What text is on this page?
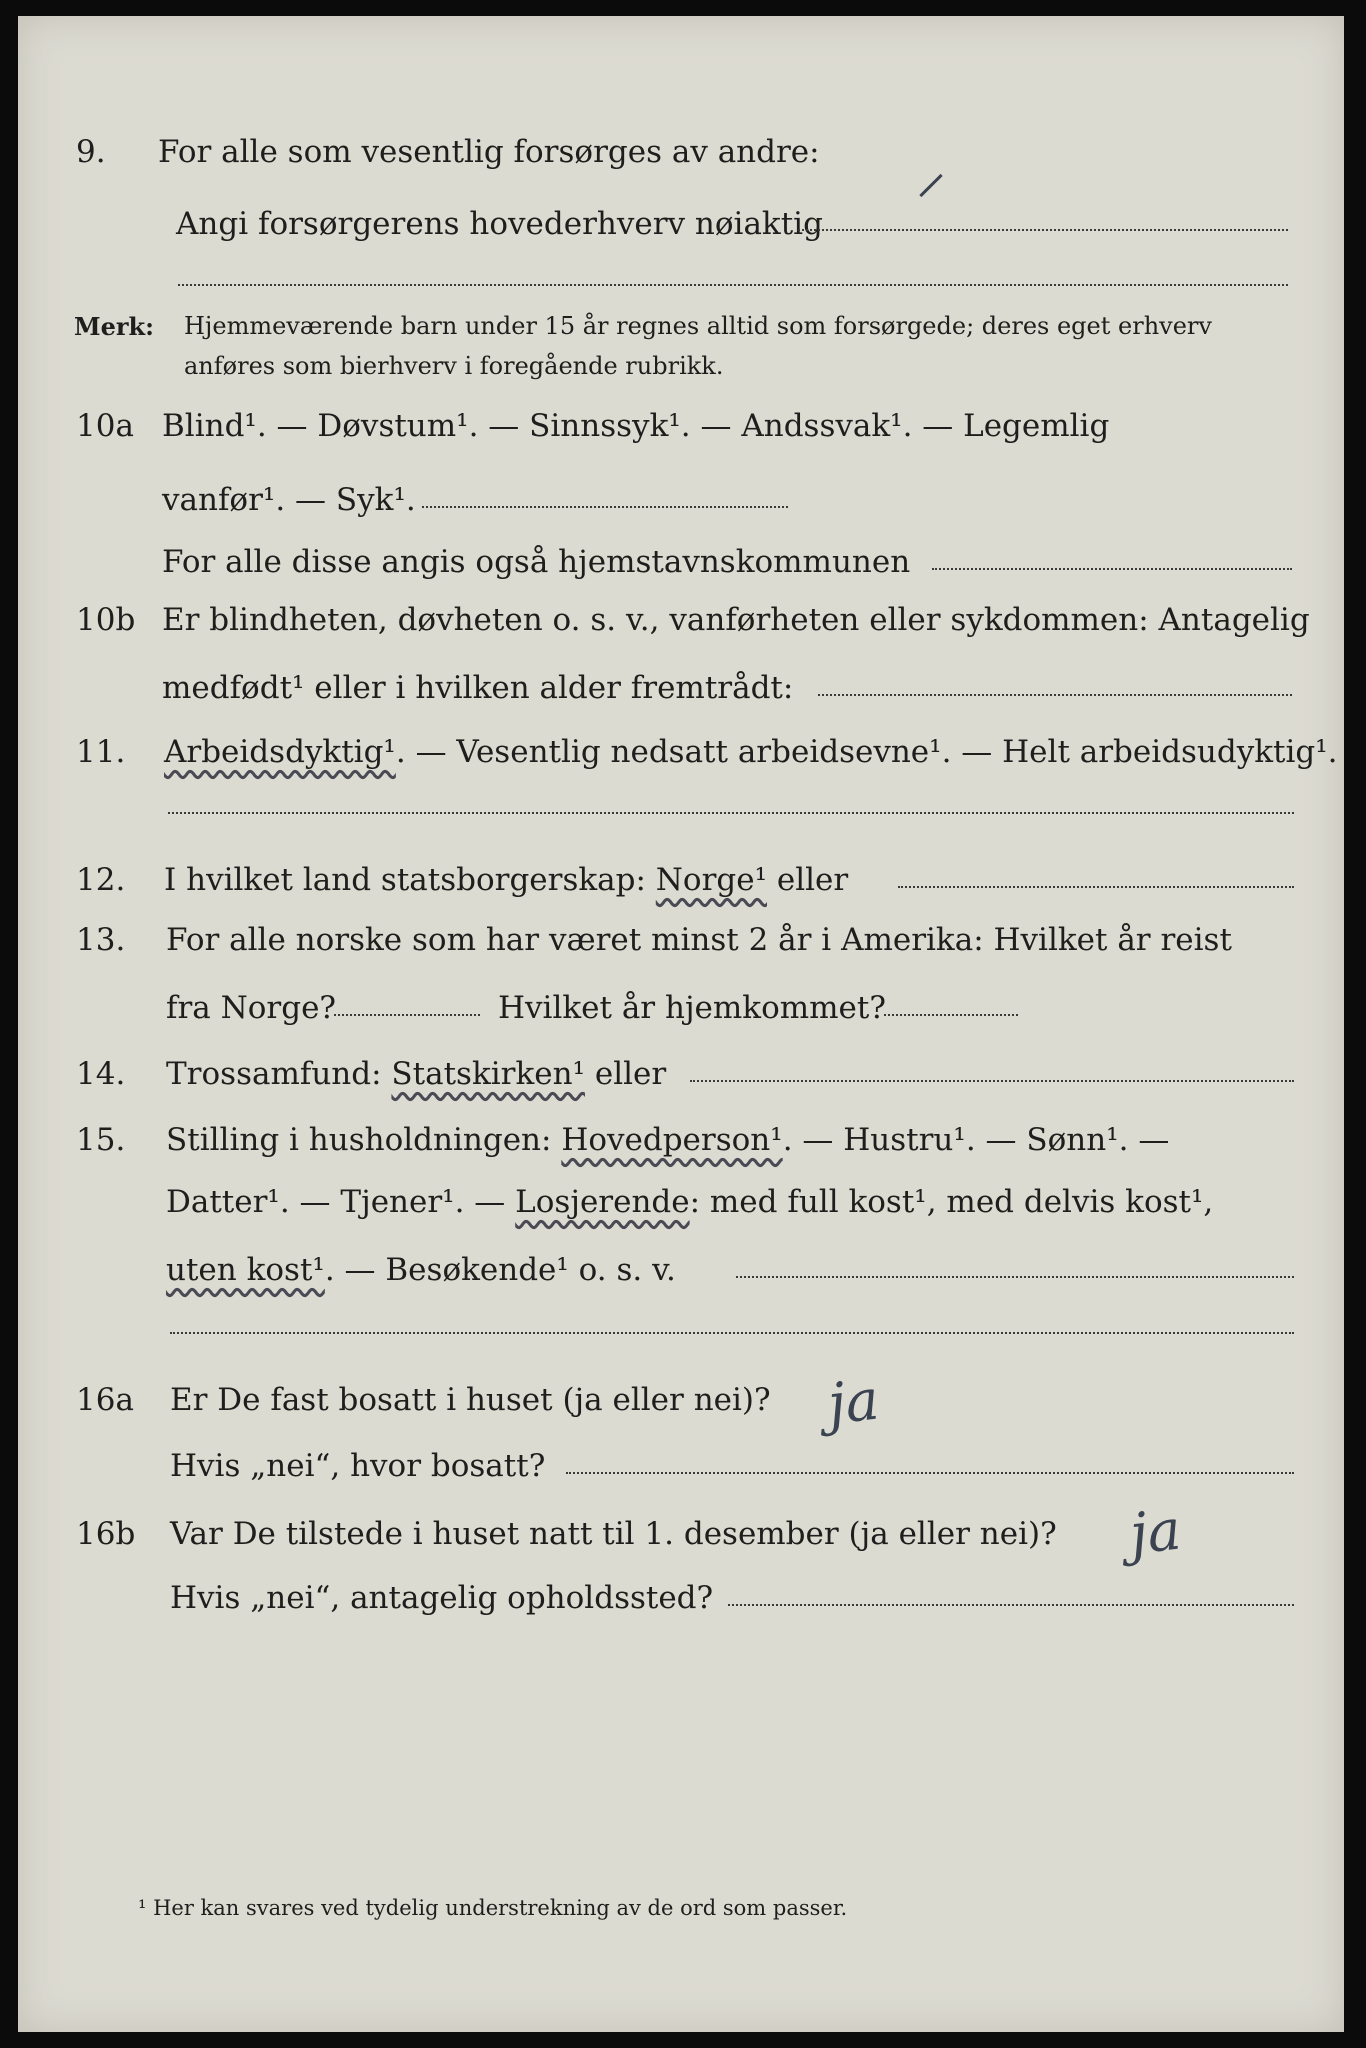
9. For alle som vesentlig forsørges av andre:
Angi forsørgerens hovederhverv nøiaktig
Merk: Hjemmeværende barn under 15 år regnes alltid som forsørgede; deres eget erhverv
anføres som bierhverv i foregående rubrikk.
10a Blind¹. — Døvstum¹. — Sinnssyk¹. — Andssvak¹. — Legemlig
vanfør¹. — Syk¹.
For alle disse angis også hjemstavnskommunen
10b Er blindheten, døvheten o. s. v., vanførheten eller sykdommen: Antagelig
medfødt¹ eller i hvilken alder fremtrådt:
11. Arbeidsdyktig¹. — Vesentlig nedsatt arbeidsevne¹. — Helt arbeidsudyktig¹.
12. I hvilket land statsborgerskap: Norge¹ eller
13. For alle norske som har været minst 2 år i Amerika: Hvilket år reist
fra Norge?	Hvilket år hjemkommet?
14. Trossamfund: Statskirken¹ eller
15. Stilling i husholdningen: Hovedperson¹. — Hustru¹. — Sønn¹. —
Datter¹. — Tjener¹. — Losjerende: med full kost¹, med delvis kost¹,
uten kost¹. — Besøkende¹ o. s. v.
16a Er De fast bosatt i huset (ja eller nei)? ja
Hvis „nei“, hvor bosatt?
16b Var De tilstede i huset natt til 1. desember (ja eller nei)? ja
Hvis „nei“, antagelig opholdssted?
¹ Her kan svares ved tydelig understrekning av de ord som passer.
